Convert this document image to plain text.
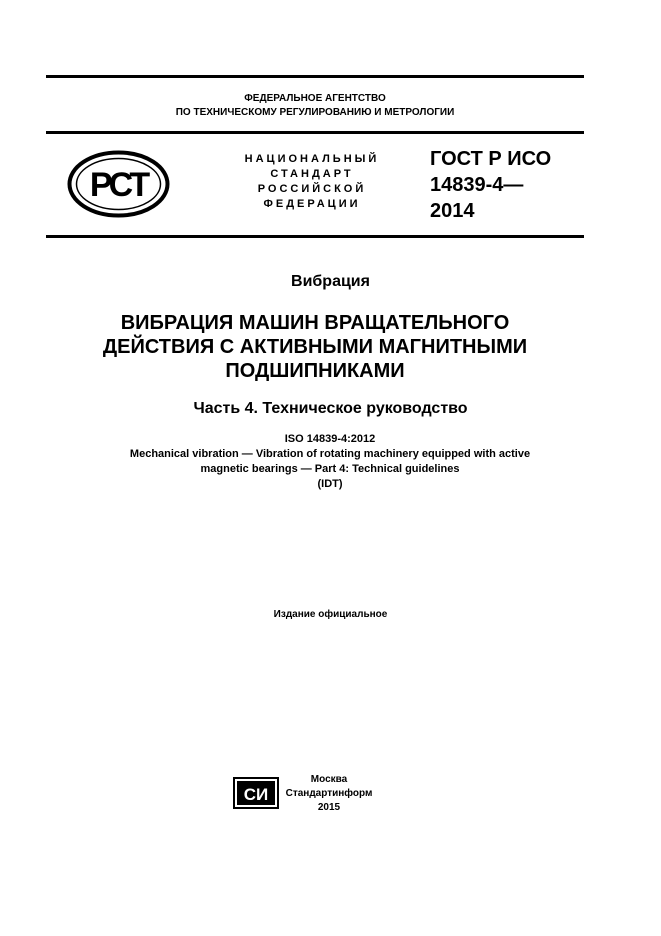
ФЕДЕРАЛЬНОЕ АГЕНТСТВО
ПО ТЕХНИЧЕСКОМУ РЕГУЛИРОВАНИЮ И МЕТРОЛОГИИ
РСТ
НАЦИОНАЛЬНЫЙ
СТАНДАРТ
РОССИЙСКОЙ
ФЕДЕРАЦИИ
ГОСТ Р ИСО
14839-4—
2014
Вибрация
ВИБРАЦИЯ МАШИН ВРАЩАТЕЛЬНОГО
ДЕЙСТВИЯ С АКТИВНЫМИ МАГНИТНЫМИ
ПОДШИПНИКАМИ
Часть 4. Техническое руководство
ISO 14839-4:2012
Mechanical vibration — Vibration of rotating machinery equipped with active
magnetic bearings — Part 4: Technical guidelines
(IDT)
Издание официальное
СИ
Москва
Стандартинформ
2015
